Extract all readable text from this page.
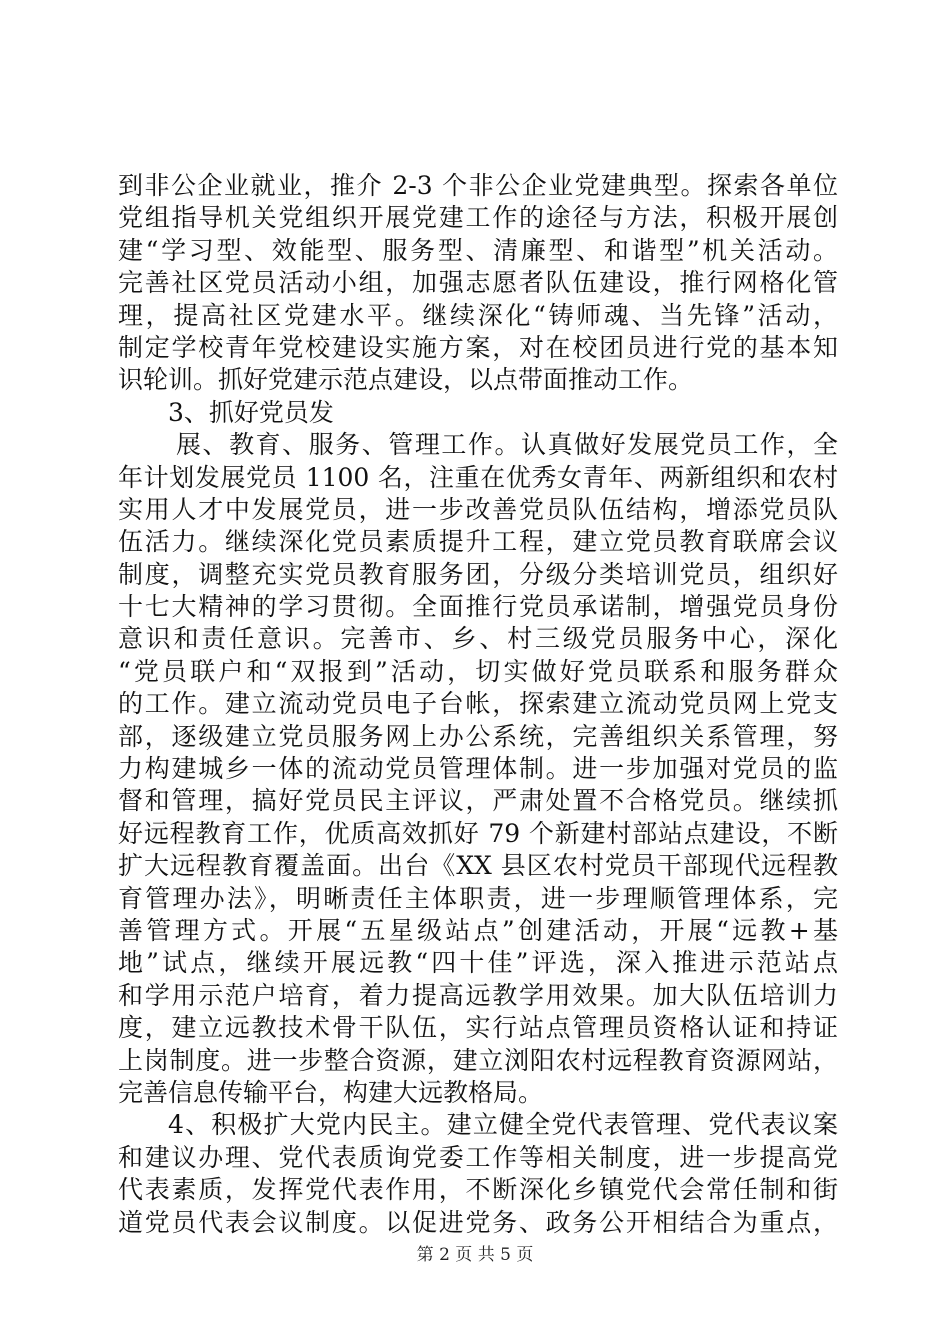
到非公企业就业，推介 2-3 个非公企业党建典型。探索各单位
党组指导机关党组织开展党建工作的途径与方法，积极开展创
建“学习型、效能型、服务型、清廉型、和谐型”机关活动。
完善社区党员活动小组，加强志愿者队伍建设，推行网格化管
理，提高社区党建水平。继续深化“铸师魂、当先锋”活动，
制定学校青年党校建设实施方案，对在校团员进行党的基本知
识轮训。抓好党建示范点建设，以点带面推动工作。
3、抓好党员发
展、教育、服务、管理工作。认真做好发展党员工作，全
年计划发展党员 1100 名，注重在优秀女青年、两新组织和农村
实用人才中发展党员，进一步改善党员队伍结构，增添党员队
伍活力。继续深化党员素质提升工程，建立党员教育联席会议
制度，调整充实党员教育服务团，分级分类培训党员，组织好
十七大精神的学习贯彻。全面推行党员承诺制，增强党员身份
意识和责任意识。完善市、乡、村三级党员服务中心，深化
“党员联户和“双报到”活动，切实做好党员联系和服务群众
的工作。建立流动党员电子台帐，探索建立流动党员网上党支
部，逐级建立党员服务网上办公系统，完善组织关系管理，努
力构建城乡一体的流动党员管理体制。进一步加强对党员的监
督和管理，搞好党员民主评议，严肃处置不合格党员。继续抓
好远程教育工作，优质高效抓好 79 个新建村部站点建设，不断
扩大远程教育覆盖面。出台《XX 县区农村党员干部现代远程教
育管理办法》，明晰责任主体职责，进一步理顺管理体系，完
善管理方式。开展“五星级站点”创建活动，开展“远教+基
地”试点，继续开展远教“四十佳”评选，深入推进示范站点
和学用示范户培育，着力提高远教学用效果。加大队伍培训力
度，建立远教技术骨干队伍，实行站点管理员资格认证和持证
上岗制度。进一步整合资源，建立浏阳农村远程教育资源网站，
完善信息传输平台，构建大远教格局。
4、积极扩大党内民主。建立健全党代表管理、党代表议案
和建议办理、党代表质询党委工作等相关制度，进一步提高党
代表素质，发挥党代表作用，不断深化乡镇党代会常任制和街
道党员代表会议制度。以促进党务、政务公开相结合为重点，
第 2 页 共 5 页
